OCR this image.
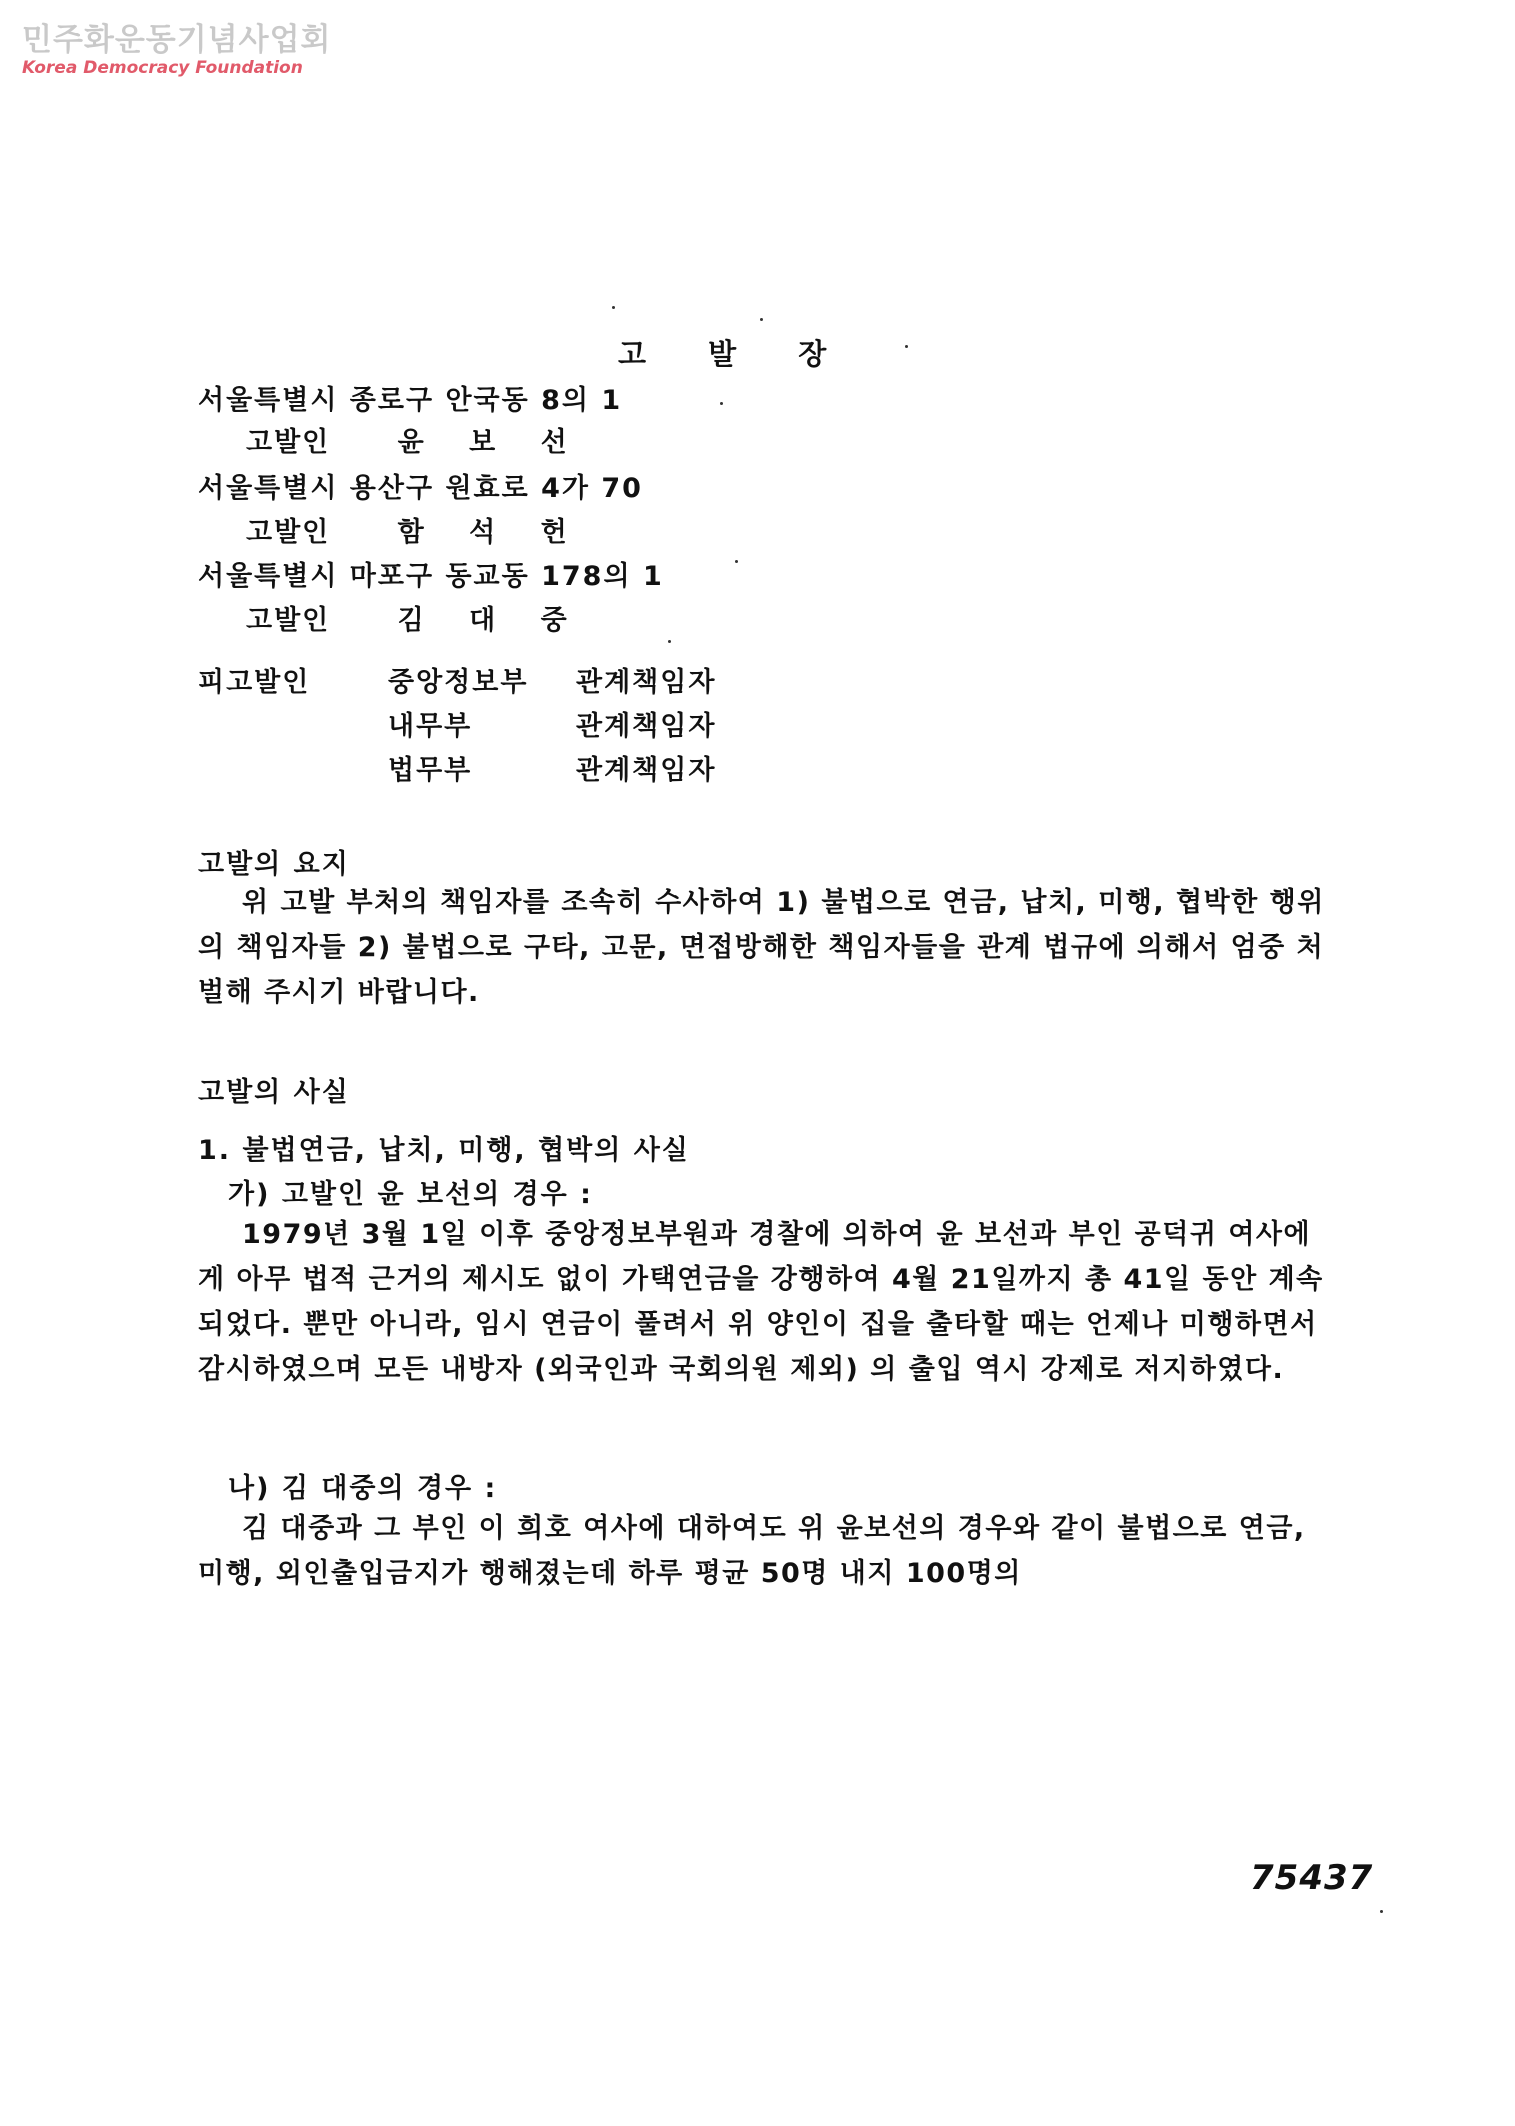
민주화운동기념사업회
Korea Democracy Foundation
고 발 장
서울특별시 종로구 안국동 8의 1
고발인 윤 보 선
서울특별시 용산구 원효로 4가 70
고발인 함 석 헌
서울특별시 마포구 동교동 178의 1
고발인 김 대 중
피고발인	중앙정보부 관계책임자
내무부	관계책임자
법무부	관계책임자
고발의 요지
위 고발 부처의 책임자를 조속히 수사하여 1) 불법으로 연금, 납치, 미행, 협박한 행위의 책임자들 2) 불법으로 구타, 고문, 면접방해한 책임자들을 관계 법규에 의해서 엄중 처벌해 주시기 바랍니다.
고발의 사실
1. 불법연금, 납치, 미행, 협박의 사실
가) 고발인 윤 보선의 경우 :
1979년 3월 1일 이후 중앙정보부원과 경찰에 의하여 윤 보선과 부인 공덕귀 여사에게 아무 법적 근거의 제시도 없이 가택연금을 강행하여 4월 21일까지 총 41일 동안 계속되었다. 뿐만 아니라, 임시 연금이 풀려서 위 양인이 집을 출타할 때는 언제나 미행하면서 감시하였으며 모든 내방자 (외국인과 국회의원 제외) 의 출입 역시 강제로 저지하였다.
나) 김 대중의 경우 :
김 대중과 그 부인 이 희호 여사에 대하여도 위 윤보선의 경우와 같이 불법으로 연금, 미행, 외인출입금지가 행해졌는데 하루 평균 50명 내지 100명의
75437
